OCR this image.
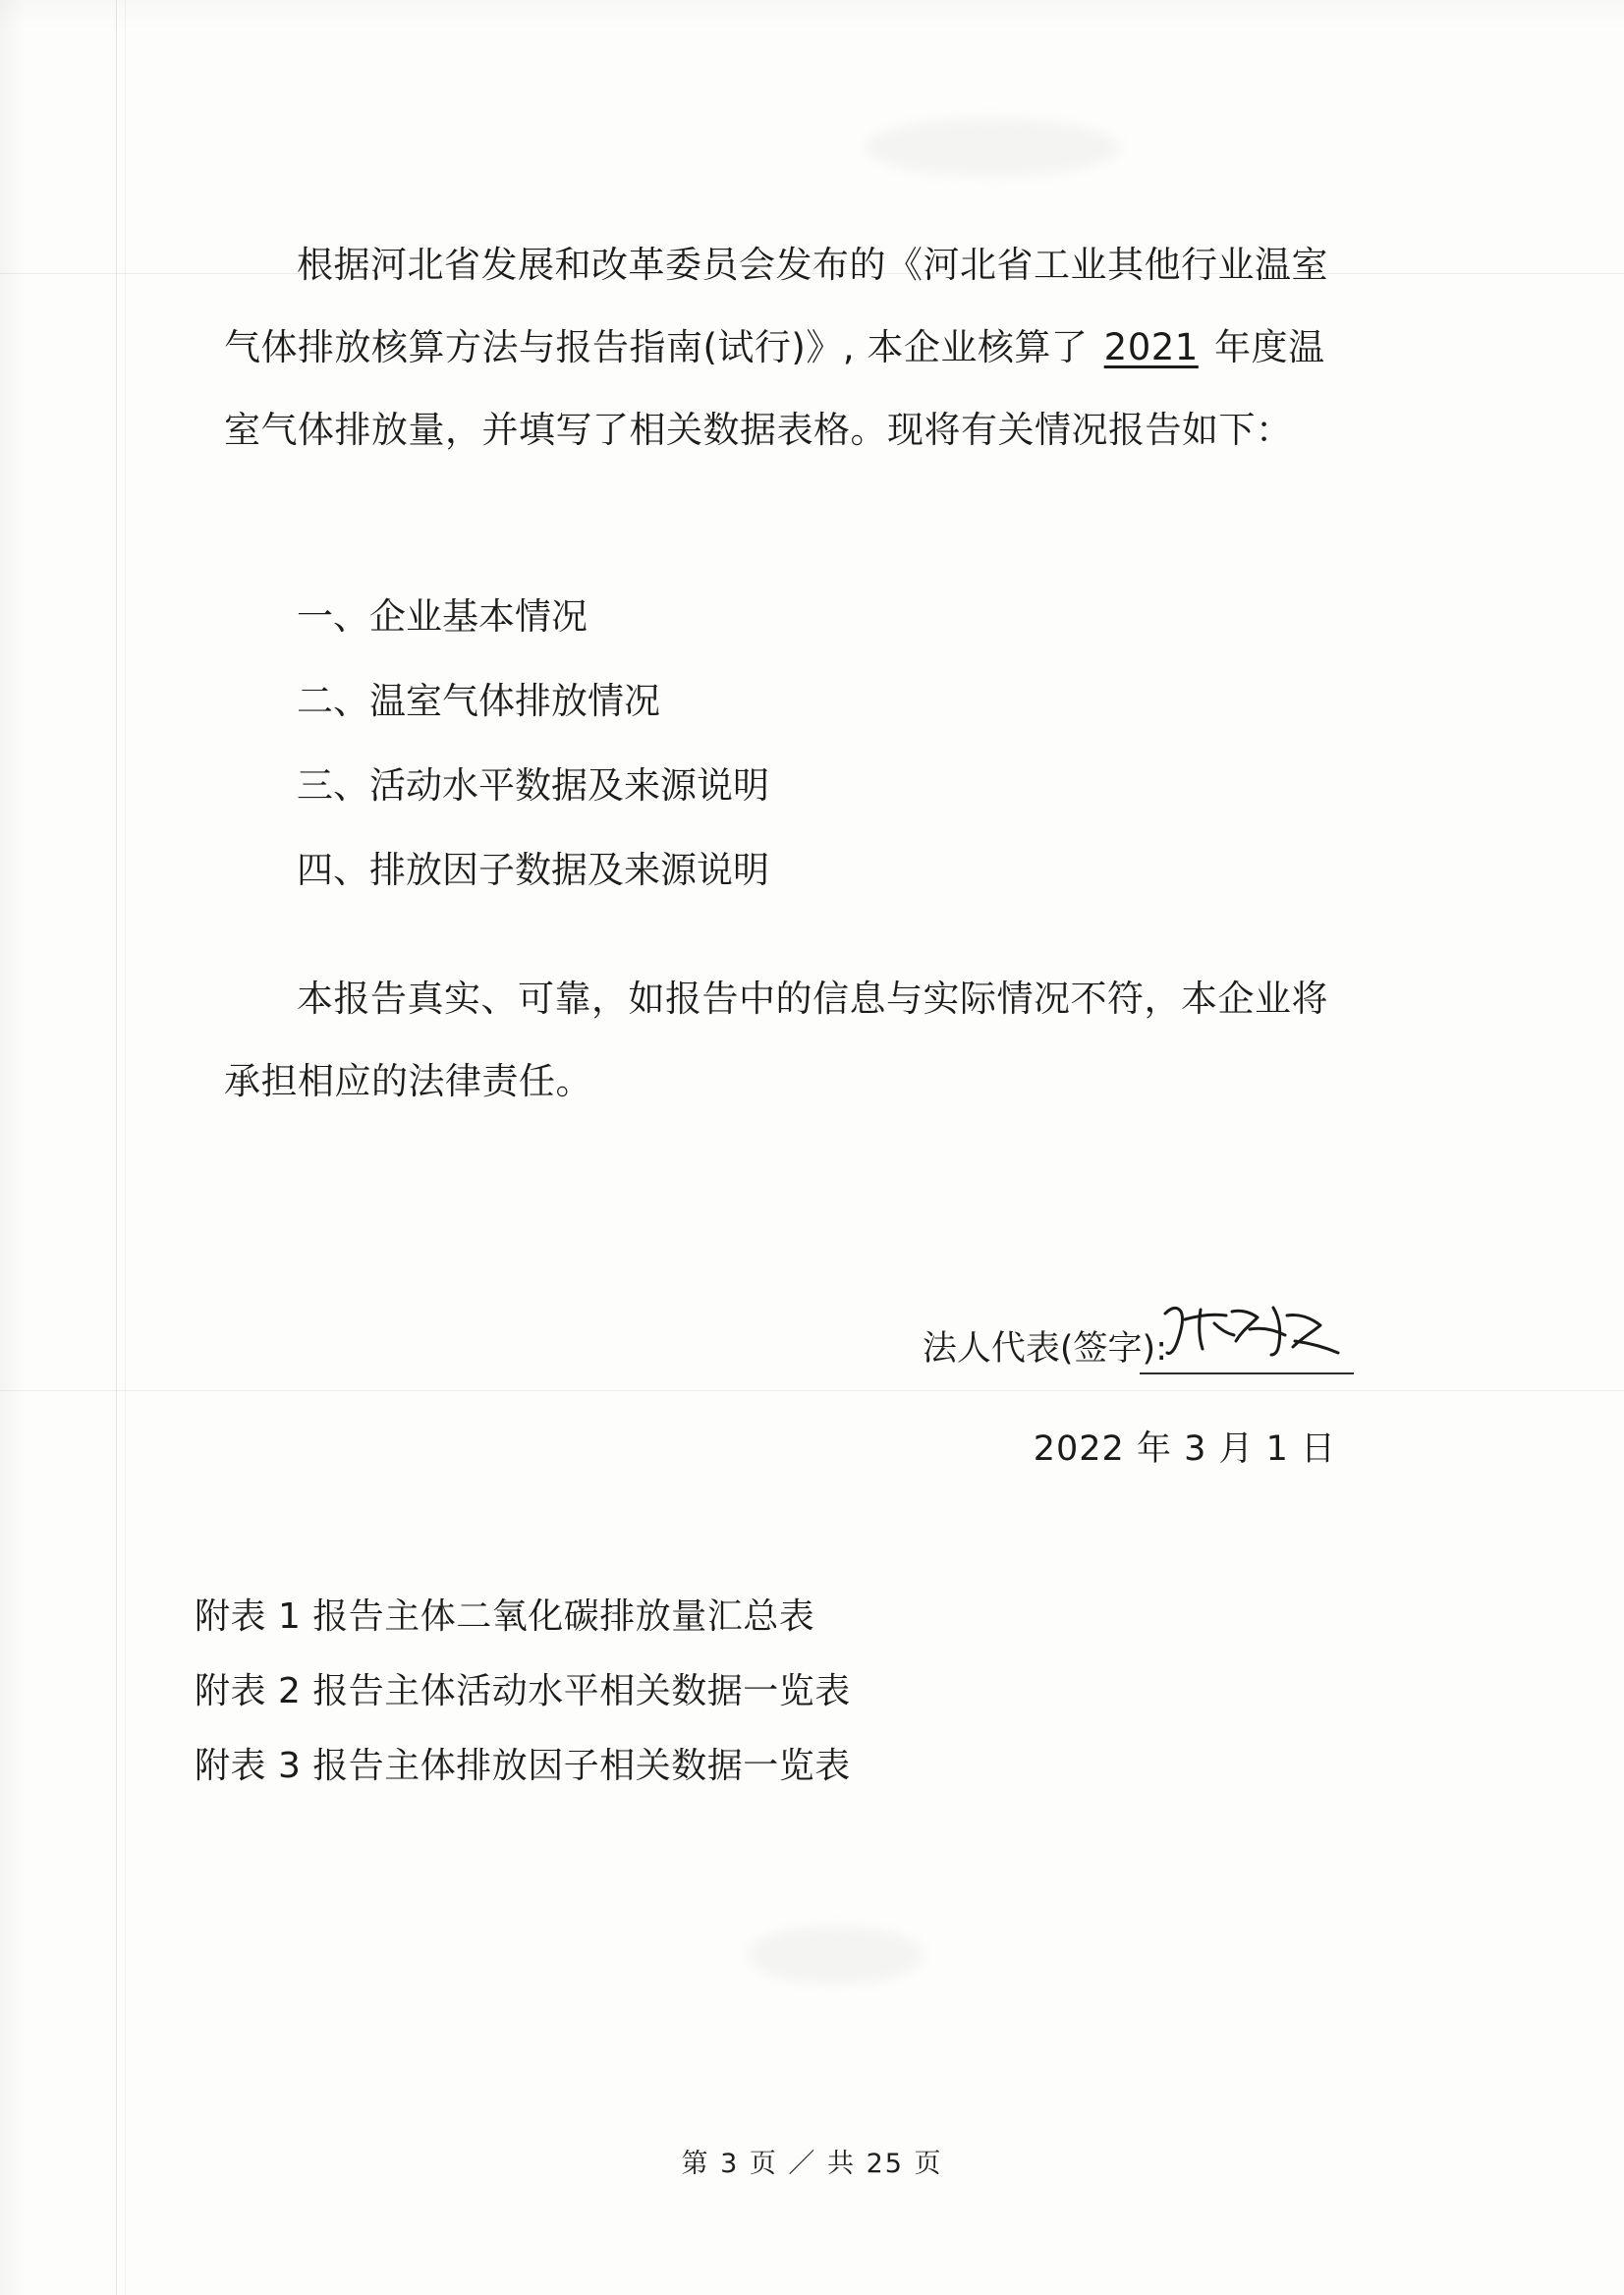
根据河北省发展和改革委员会发布的《河北省工业其他行业温室气体排放核算方法与报告指南(试行)》, 本企业核算了 2021 年度温室气体排放量，并填写了相关数据表格。现将有关情况报告如下：
一、企业基本情况
二、温室气体排放情况
三、活动水平数据及来源说明
四、排放因子数据及来源说明
本报告真实、可靠，如报告中的信息与实际情况不符，本企业将承担相应的法律责任。
法人代表(签字):
2022 年 3 月 1 日
附表 1 报告主体二氧化碳排放量汇总表
附表 2 报告主体活动水平相关数据一览表
附表 3 报告主体排放因子相关数据一览表
第 3 页 ／ 共 25 页
